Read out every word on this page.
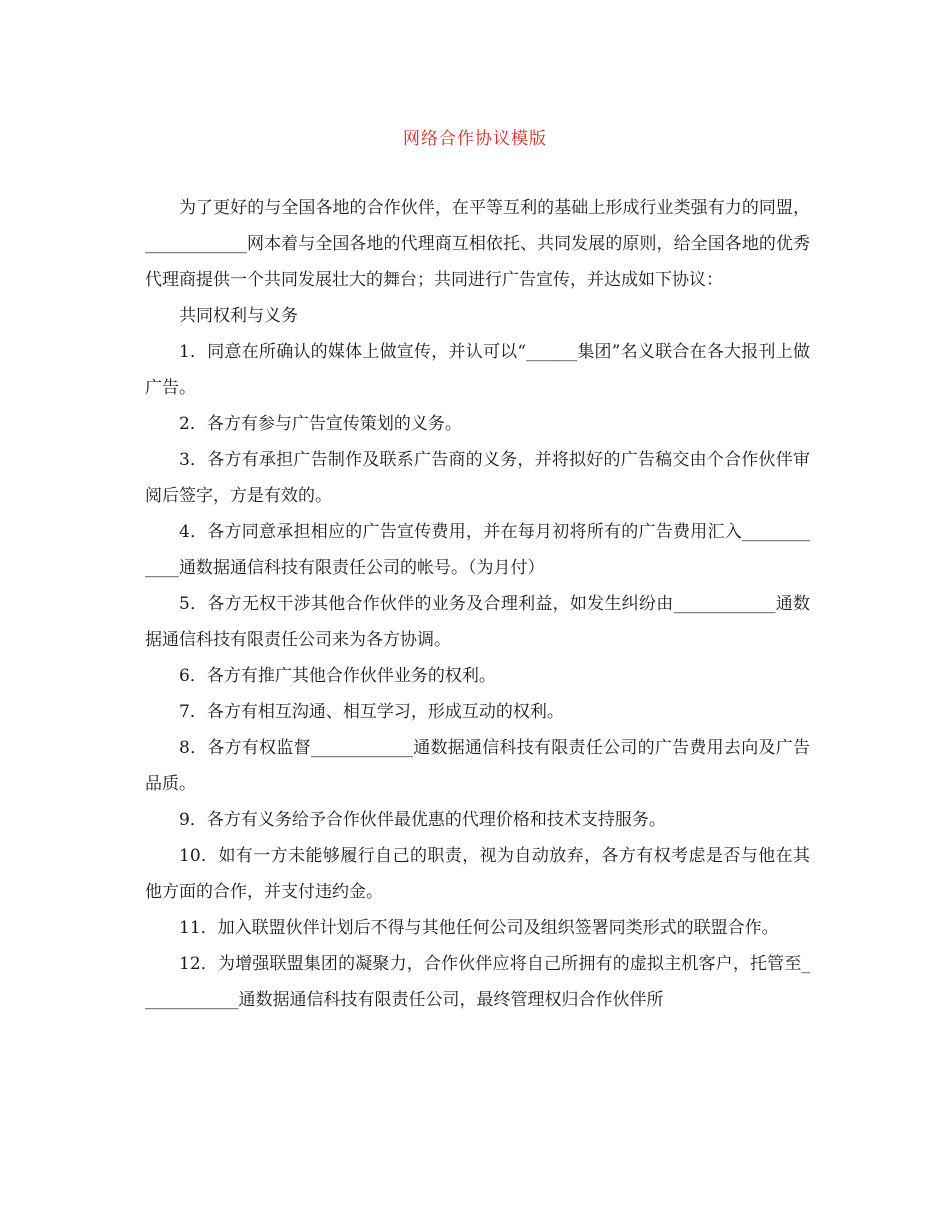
网络合作协议模版

为了更好的与全国各地的合作伙伴，在平等互利的基础上形成行业类强有力的同盟，____________网本着与全国各地的代理商互相依托、共同发展的原则，给全国各地的优秀代理商提供一个共同发展壮大的舞台；共同进行广告宣传，并达成如下协议：

共同权利与义务

1．同意在所确认的媒体上做宣传，并认可以“______集团”名义联合在各大报刊上做广告。

2．各方有参与广告宣传策划的义务。

3．各方有承担广告制作及联系广告商的义务，并将拟好的广告稿交由个合作伙伴审阅后签字，方是有效的。

4．各方同意承担相应的广告宣传费用，并在每月初将所有的广告费用汇入____________通数据通信科技有限责任公司的帐号。（为月付）

5．各方无权干涉其他合作伙伴的业务及合理利益，如发生纠纷由____________通数据通信科技有限责任公司来为各方协调。

6．各方有推广其他合作伙伴业务的权利。

7．各方有相互沟通、相互学习，形成互动的权利。

8．各方有权监督____________通数据通信科技有限责任公司的广告费用去向及广告品质。

9．各方有义务给予合作伙伴最优惠的代理价格和技术支持服务。

10．如有一方未能够履行自己的职责，视为自动放弃，各方有权考虑是否与他在其他方面的合作，并支付违约金。

11．加入联盟伙伴计划后不得与其他任何公司及组织签署同类形式的联盟合作。

12．为增强联盟集团的凝聚力，合作伙伴应将自己所拥有的虚拟主机客户，托管至____________通数据通信科技有限责任公司，最终管理权归合作伙伴所
